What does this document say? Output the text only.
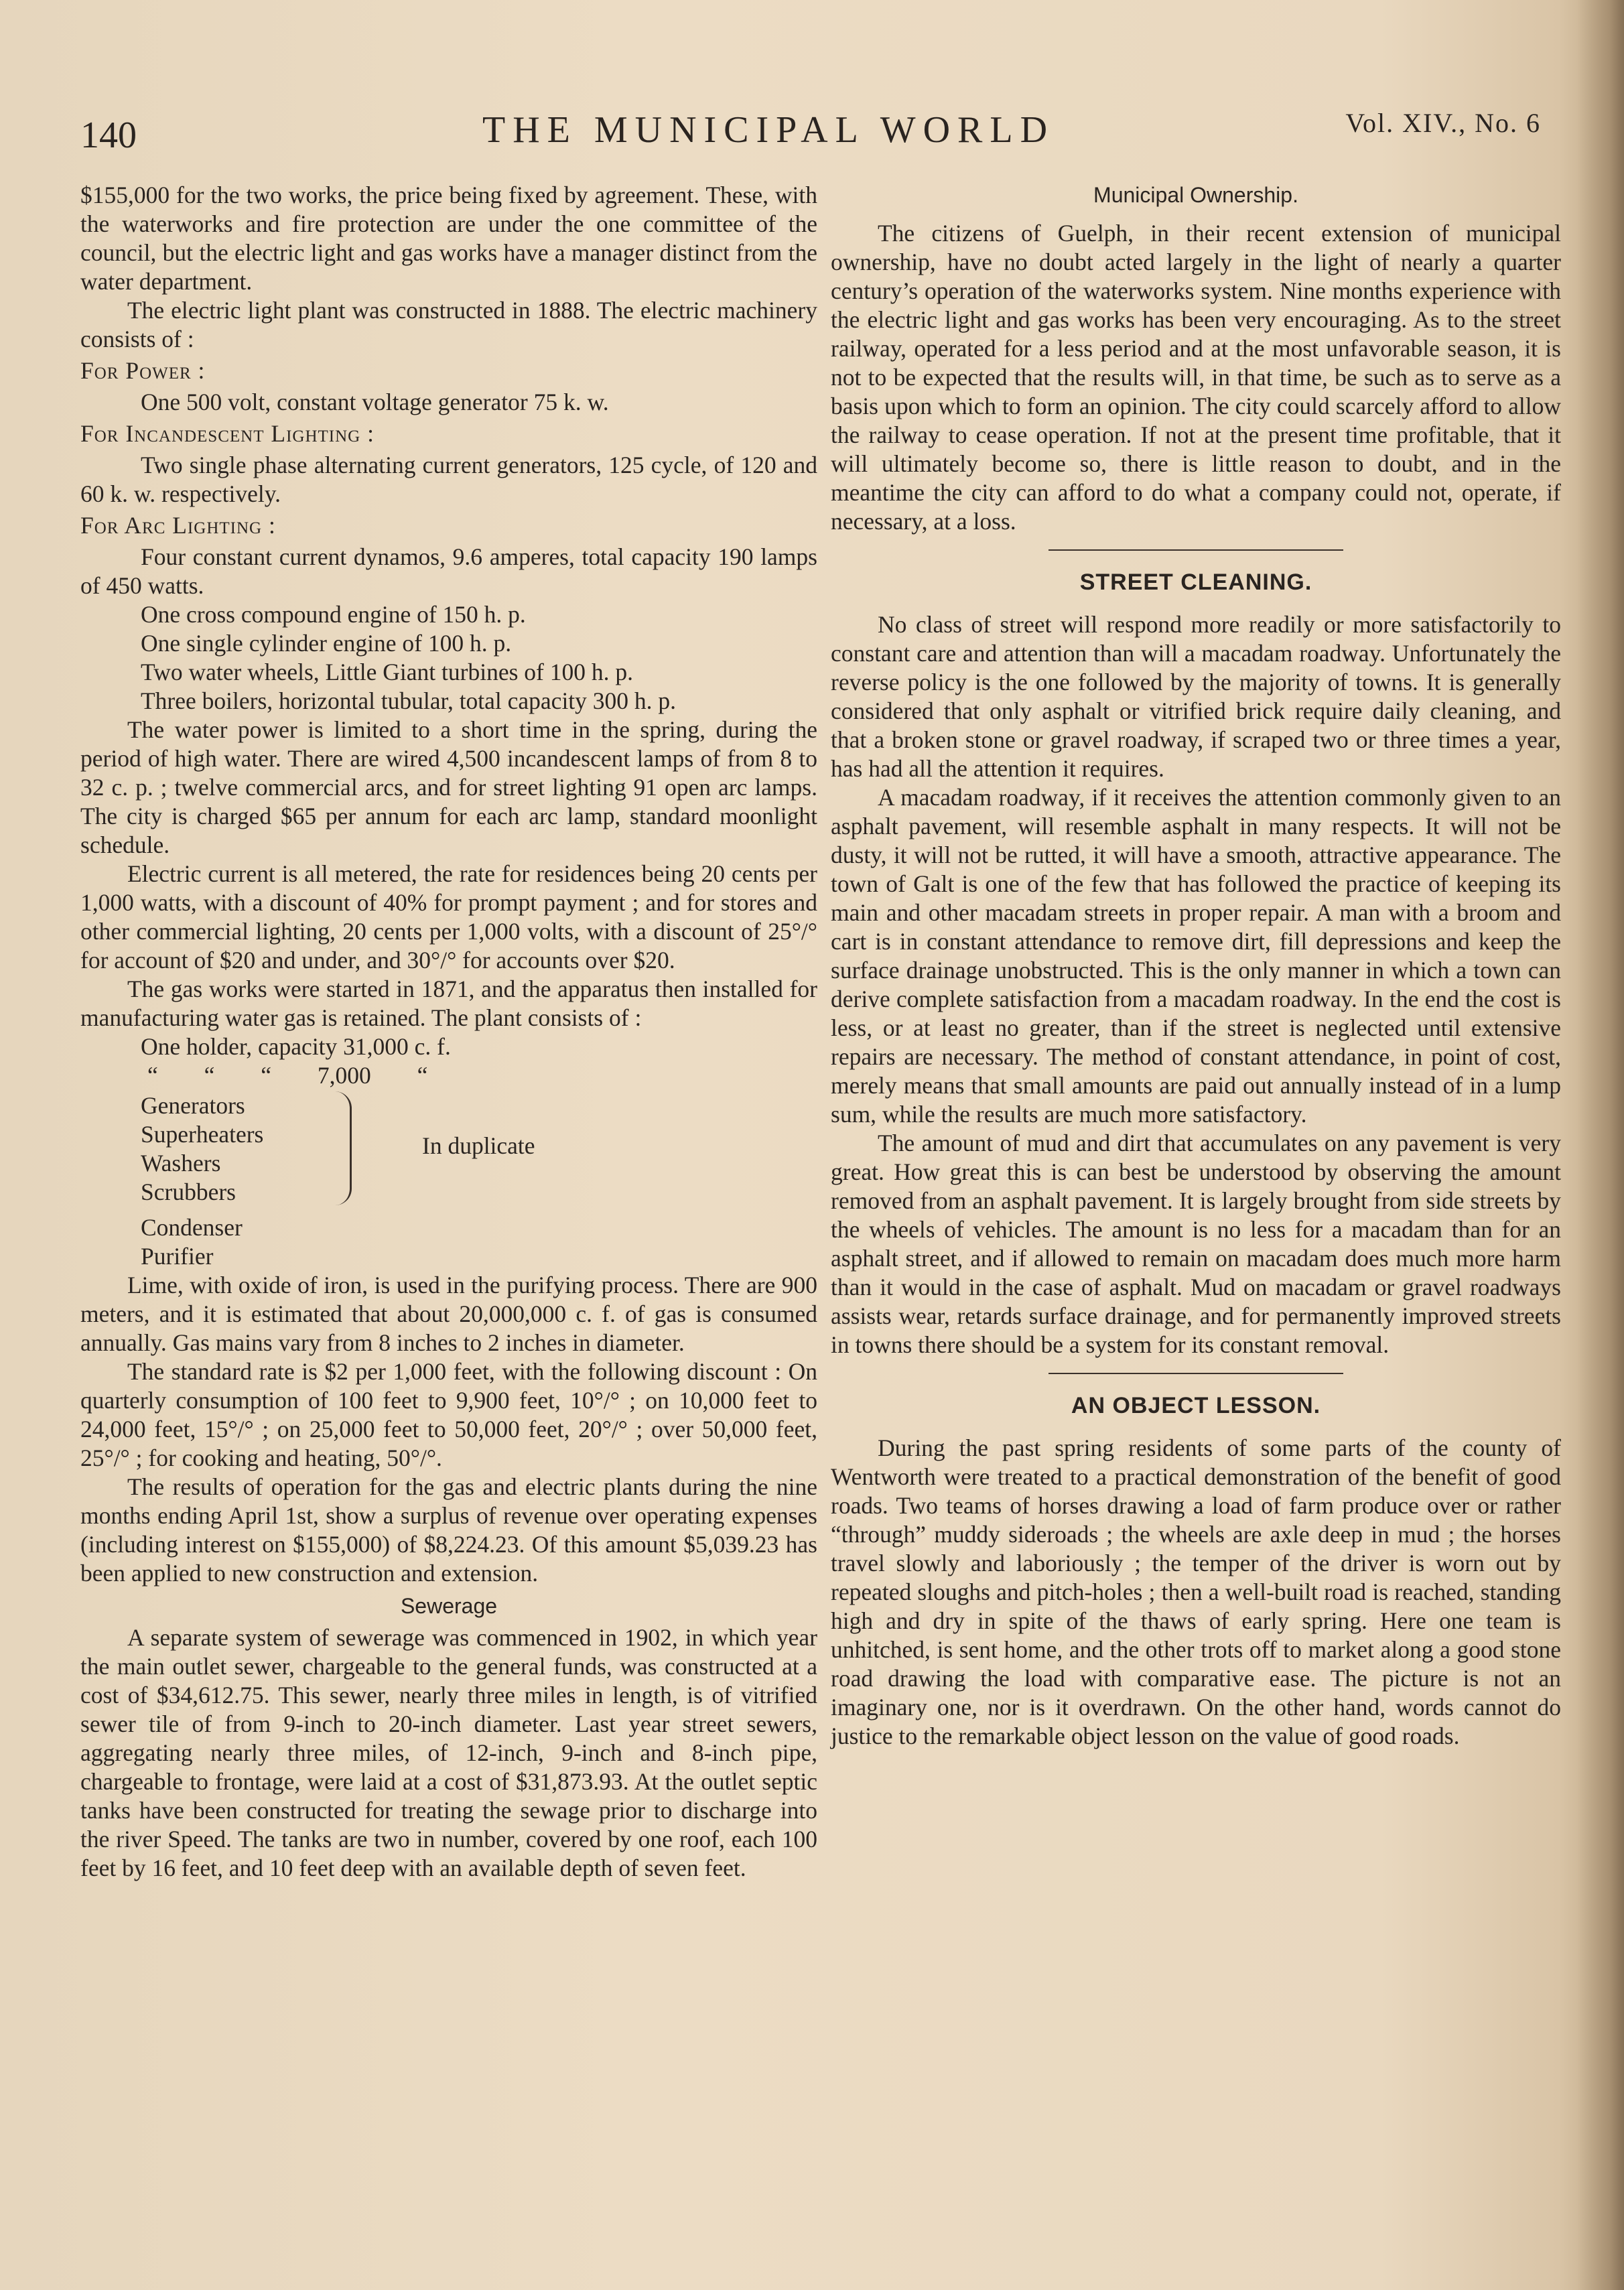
140	THE MUNICIPAL WORLD	Vol. XIV., No. 6

$155,000 for the two works, the price being fixed by agreement. These, with the waterworks and fire protection are under the one committee of the council, but the electric light and gas works have a manager distinct from the water department.

The electric light plant was constructed in 1888. The electric machinery consists of :

For Power :

One 500 volt, constant voltage generator 75 k. w.

For Incandescent Lighting :

Two single phase alternating current generators, 125 cycle, of 120 and 60 k. w. respectively.

For Arc Lighting :

Four constant current dynamos, 9.6 amperes, total capacity 190 lamps of 450 watts.

One cross compound engine of 150 h. p.

One single cylinder engine of 100 h. p.

Two water wheels, Little Giant turbines of 100 h. p.

Three boilers, horizontal tubular, total capacity 300 h. p.

The water power is limited to a short time in the spring, during the period of high water. There are wired 4,500 incandescent lamps of from 8 to 32 c. p. ; twelve commercial arcs, and for street lighting 91 open arc lamps. The city is charged $65 per annum for each arc lamp, standard moonlight schedule.

Electric current is all metered, the rate for residences being 20 cents per 1,000 watts, with a discount of 40% for prompt payment ; and for stores and other commercial lighting, 20 cents per 1,000 volts, with a discount of 25°/° for account of $20 and under, and 30°/° for accounts over $20.

The gas works were started in 1871, and the apparatus then installed for manufacturing water gas is retained. The plant consists of :

One holder, capacity 31,000 c. f.

“ “ “ 7,000 “

Generators
Superheaters
Washers
Scrubbers
In duplicate

Condenser

Purifier

Lime, with oxide of iron, is used in the purifying process. There are 900 meters, and it is estimated that about 20,000,000 c. f. of gas is consumed annually. Gas mains vary from 8 inches to 2 inches in diameter.

The standard rate is $2 per 1,000 feet, with the following discount : On quarterly consumption of 100 feet to 9,900 feet, 10°/° ; on 10,000 feet to 24,000 feet, 15°/° ; on 25,000 feet to 50,000 feet, 20°/° ; over 50,000 feet, 25°/° ; for cooking and heating, 50°/°.

The results of operation for the gas and electric plants during the nine months ending April 1st, show a surplus of revenue over operating expenses (including interest on $155,000) of $8,224.23. Of this amount $5,039.23 has been applied to new construction and extension.

Sewerage

A separate system of sewerage was commenced in 1902, in which year the main outlet sewer, chargeable to the general funds, was constructed at a cost of $34,612.75. This sewer, nearly three miles in length, is of vitrified sewer tile of from 9-inch to 20-inch diameter. Last year street sewers, aggregating nearly three miles, of 12-inch, 9-inch and 8-inch pipe, chargeable to frontage, were laid at a cost of $31,873.93. At the outlet septic tanks have been constructed for treating the sewage prior to discharge into the river Speed. The tanks are two in number, covered by one roof, each 100 feet by 16 feet, and 10 feet deep with an available depth of seven feet.

Municipal Ownership.

The citizens of Guelph, in their recent extension of municipal ownership, have no doubt acted largely in the light of nearly a quarter century’s operation of the waterworks system. Nine months experience with the electric light and gas works has been very encouraging. As to the street railway, operated for a less period and at the most unfavorable season, it is not to be expected that the results will, in that time, be such as to serve as a basis upon which to form an opinion. The city could scarcely afford to allow the railway to cease operation. If not at the present time profitable, that it will ultimately become so, there is little reason to doubt, and in the meantime the city can afford to do what a company could not, operate, if necessary, at a loss.

STREET CLEANING.

No class of street will respond more readily or more satisfactorily to constant care and attention than will a macadam roadway. Unfortunately the reverse policy is the one followed by the majority of towns. It is generally considered that only asphalt or vitrified brick require daily cleaning, and that a broken stone or gravel roadway, if scraped two or three times a year, has had all the attention it requires.

A macadam roadway, if it receives the attention commonly given to an asphalt pavement, will resemble asphalt in many respects. It will not be dusty, it will not be rutted, it will have a smooth, attractive appearance. The town of Galt is one of the few that has followed the practice of keeping its main and other macadam streets in proper repair. A man with a broom and cart is in constant attendance to remove dirt, fill depressions and keep the surface drainage unobstructed. This is the only manner in which a town can derive complete satisfaction from a macadam roadway. In the end the cost is less, or at least no greater, than if the street is neglected until extensive repairs are necessary. The method of constant attendance, in point of cost, merely means that small amounts are paid out annually instead of in a lump sum, while the results are much more satisfactory.

The amount of mud and dirt that accumulates on any pavement is very great. How great this is can best be understood by observing the amount removed from an asphalt pavement. It is largely brought from side streets by the wheels of vehicles. The amount is no less for a macadam than for an asphalt street, and if allowed to remain on macadam does much more harm than it would in the case of asphalt. Mud on macadam or gravel roadways assists wear, retards surface drainage, and for permanently improved streets in towns there should be a system for its constant removal.

AN OBJECT LESSON.

During the past spring residents of some parts of the county of Wentworth were treated to a practical demonstration of the benefit of good roads. Two teams of horses drawing a load of farm produce over or rather “through” muddy sideroads ; the wheels are axle deep in mud ; the horses travel slowly and laboriously ; the temper of the driver is worn out by repeated sloughs and pitch-holes ; then a well-built road is reached, standing high and dry in spite of the thaws of early spring. Here one team is unhitched, is sent home, and the other trots off to market along a good stone road drawing the load with comparative ease. The picture is not an imaginary one, nor is it overdrawn. On the other hand, words cannot do justice to the remarkable object lesson on the value of good roads.
